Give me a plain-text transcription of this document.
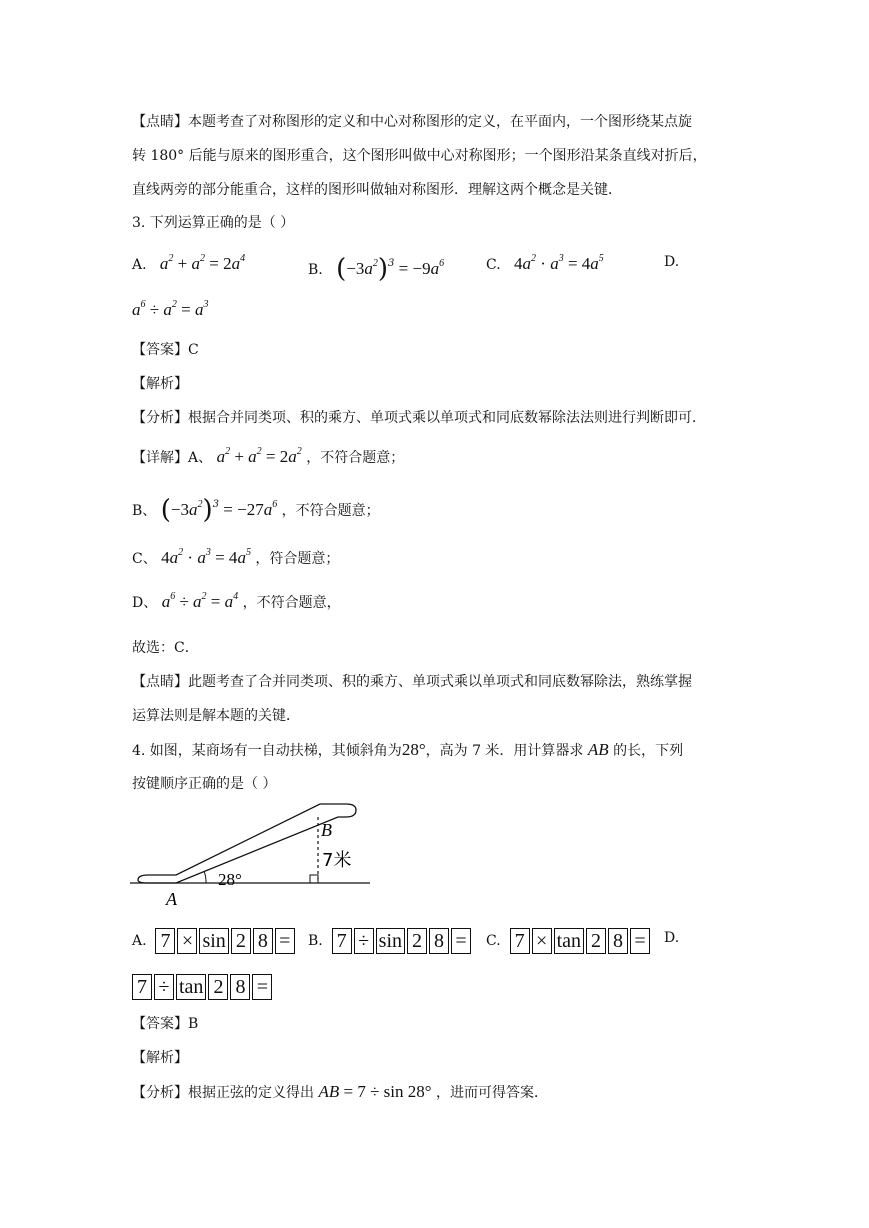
【点睛】本题考查了对称图形的定义和中心对称图形的定义，在平面内，一个图形绕某点旋
转 180° 后能与原来的图形重合，这个图形叫做中心对称图形；一个图形沿某条直线对折后，
直线两旁的部分能重合，这样的图形叫做轴对称图形．理解这两个概念是关键．
3. 下列运算正确的是（ ）
A. $a^2 + a^2 = 2a^4$
B. $(-3a^2)^3 = -9a^6$	C. $4a^2 \cdot a^3 = 4a^5$	D.
$a^6 \div a^2 = a^3$
【答案】C
【解析】
【分析】根据合并同类项、积的乘方、单项式乘以单项式和同底数幂除法法则进行判断即可．
【详解】A、 $a^2 + a^2 = 2a^2$ ，不符合题意；
B、 $(-3a^2)^3 = -27a^6$ ，不符合题意；
C、 $4a^2 \cdot a^3 = 4a^5$ ，符合题意；
D、 $a^6 \div a^2 = a^4$ ，不符合题意，
故选：C．
【点睛】此题考查了合并同类项、积的乘方、单项式乘以单项式和同底数幂除法，熟练掌握
运算法则是解本题的关键．
4. 如图，某商场有一自动扶梯，其倾斜角为28°，高为 7 米．用计算器求 AB 的长，下列
按键顺序正确的是（ ）
B
7米
28°
A
A. 7 × sin 2 8 =	B. 7 ÷ sin 2 8 =	C. 7 × tan 2 8 =	D.
7 ÷ tan 2 8 =
【答案】B
【解析】
【分析】根据正弦的定义得出 AB = 7 ÷ sin 28° ，进而可得答案．
